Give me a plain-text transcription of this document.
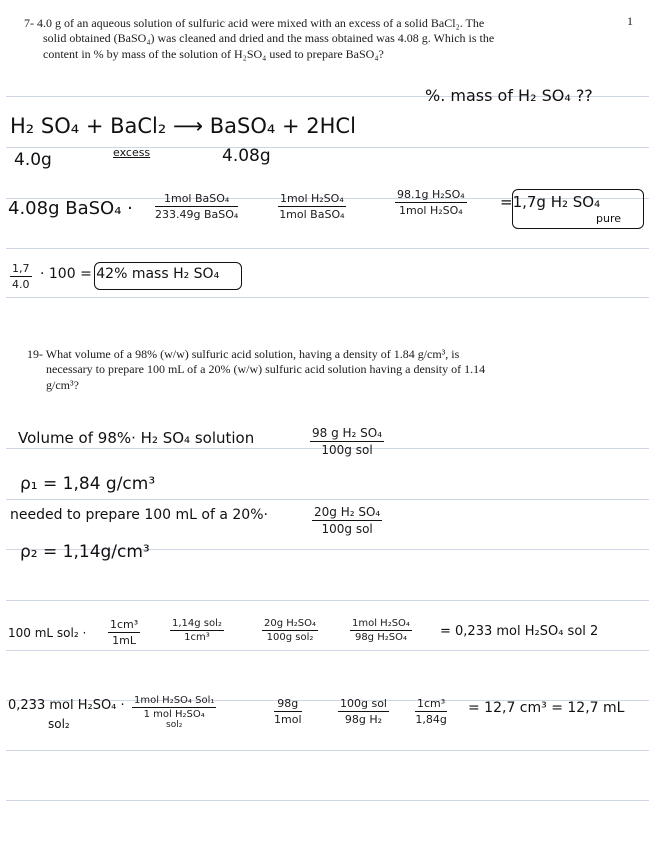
1
7- 4.0 g of an aqueous solution of sulfuric acid were mixed with an excess of a solid BaCl₂. The solid obtained (BaSO₄) was cleaned and dried and the mass obtained was 4.08 g. Which is the content in % by mass of the solution of H₂SO₄ used to prepare BaSO₄?
%. mass of H₂ SO₄ ??
H₂ SO₄ + BaCl₂ ⟶ BaSO₄ + 2HCl
4.0g	excess	4.08g
4.08g BaSO₄ ·	1mol BaSO₄
233.49g BaSO₄
1mol H₂SO₄
1mol BaSO₄
98.1g H₂SO₄
1mol H₂SO₄ =1,7g H₂ SO₄
pure
$\frac{1,7}{4.0} \cdot 100 = 42\%$ mass H₂ SO₄
19- What volume of a 98% (w/w) sulfuric acid solution, having a density of 1.84 g/cm³, is necessary to prepare 100 mL of a 20% (w/w) sulfuric acid solution having a density of 1.14 g/cm³?
Volume of 98%· H₂ SO₄ solution	98 g H₂ SO₄
100g sol
ρ₁ = 1,84 g/cm³
needed to prepare 100 mL of a 20%·	20g H₂ SO₄
100g sol
ρ₂ = 1,14g/cm³
100 mL $sol_2 \cdot \frac{\text{1cm³}}{1mL}$	1,14g sol₂
1cm³
20g H₂SO₄
100g sol₂
1mol H₂SO₄
98g H₂SO₄	= 0,233 mol H₂SO₄ sol 2
0,233 mol H₂SO₄ ·
sol₂
1mol H₂SO₄ Sol₁
1 mol H₂SO₄
sol₂
98g
1mol
100g sol
98g H₂	$\frac{\text{1cm³}}{1,84g} = 12,7$ cm³ = 12,7 mL
